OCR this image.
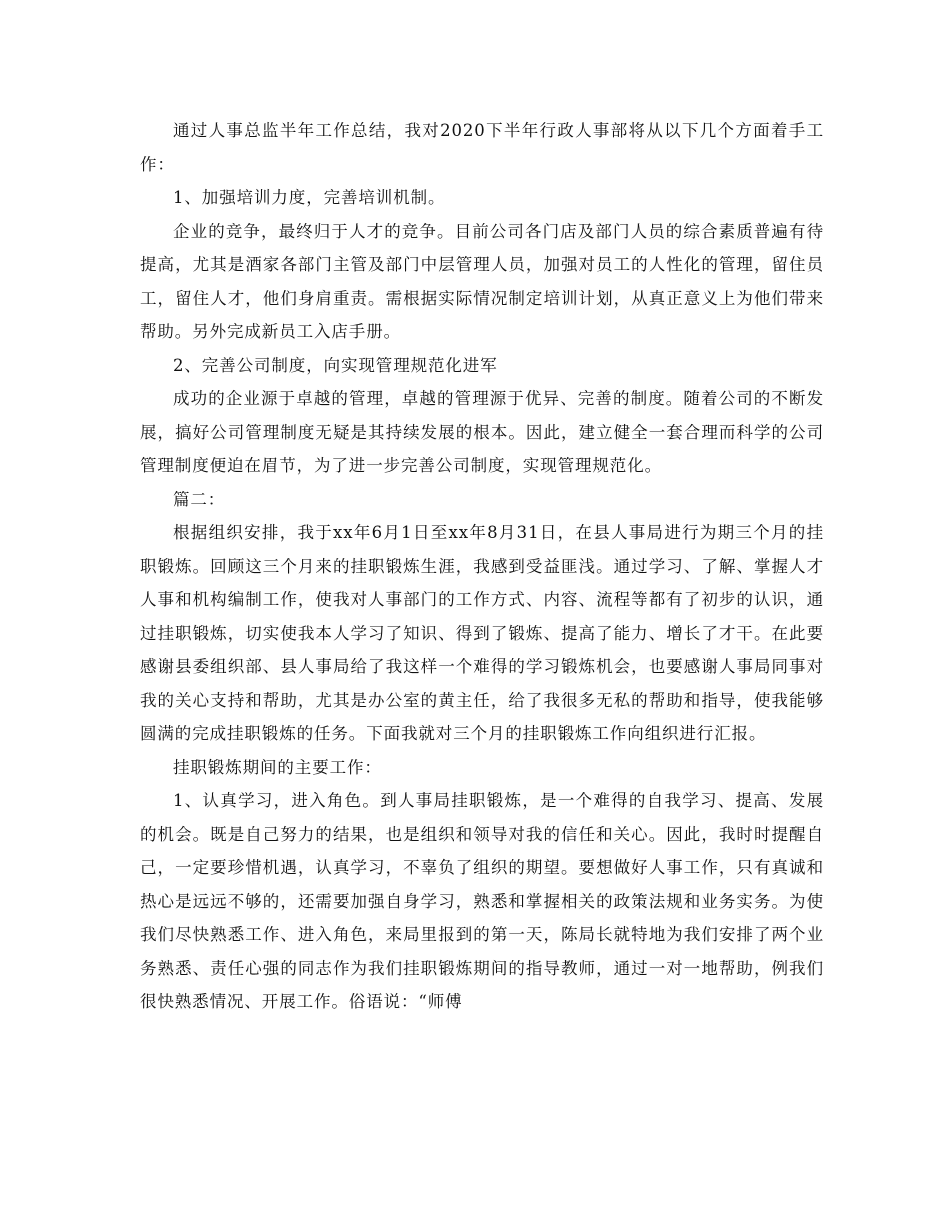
通过人事总监半年工作总结，我对2020下半年行政人事部将从以下几个方面着手工作：

1、加强培训力度，完善培训机制。

企业的竞争，最终归于人才的竞争。目前公司各门店及部门人员的综合素质普遍有待提高，尤其是酒家各部门主管及部门中层管理人员，加强对员工的人性化的管理，留住员工，留住人才，他们身肩重责。需根据实际情况制定培训计划，从真正意义上为他们带来帮助。另外完成新员工入店手册。

2、完善公司制度，向实现管理规范化进军

成功的企业源于卓越的管理，卓越的管理源于优异、完善的制度。随着公司的不断发展，搞好公司管理制度无疑是其持续发展的根本。因此，建立健全一套合理而科学的公司管理制度便迫在眉节，为了进一步完善公司制度，实现管理规范化。

篇二：

根据组织安排，我于xx年6月1日至xx年8月31日，在县人事局进行为期三个月的挂职锻炼。回顾这三个月来的挂职锻炼生涯，我感到受益匪浅。通过学习、了解、掌握人才人事和机构编制工作，使我对人事部门的工作方式、内容、流程等都有了初步的认识，通过挂职锻炼，切实使我本人学习了知识、得到了锻炼、提高了能力、增长了才干。在此要感谢县委组织部、县人事局给了我这样一个难得的学习锻炼机会，也要感谢人事局同事对我的关心支持和帮助，尤其是办公室的黄主任，给了我很多无私的帮助和指导，使我能够圆满的完成挂职锻炼的任务。下面我就对三个月的挂职锻炼工作向组织进行汇报。

挂职锻炼期间的主要工作：

1、认真学习，进入角色。到人事局挂职锻炼，是一个难得的自我学习、提高、发展的机会。既是自己努力的结果，也是组织和领导对我的信任和关心。因此，我时时提醒自己，一定要珍惜机遇，认真学习，不辜负了组织的期望。要想做好人事工作，只有真诚和热心是远远不够的，还需要加强自身学习，熟悉和掌握相关的政策法规和业务实务。为使我们尽快熟悉工作、进入角色，来局里报到的第一天，陈局长就特地为我们安排了两个业务熟悉、责任心强的同志作为我们挂职锻炼期间的指导教师，通过一对一地帮助，例我们很快熟悉情况、开展工作。俗语说：“师傅
